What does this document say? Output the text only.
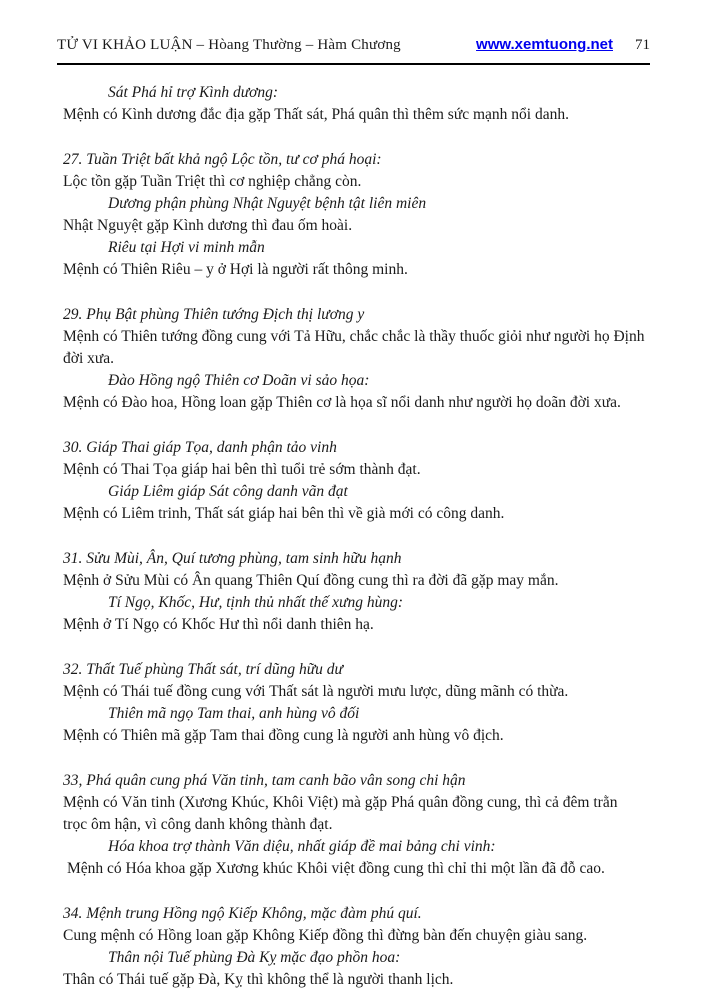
TỬ VI KHẢO LUẬN – Hòang Thường – Hàm Chương	www.xemtuong.net 71
Sát Phá hỉ trợ Kình dương:
Mệnh có Kình dương đắc địa gặp Thất sát, Phá quân thì thêm sức mạnh nổi danh.
27. Tuần Triệt bất khả ngộ Lộc tồn, tư cơ phá hoại:
Lộc tồn gặp Tuần Triệt thì cơ nghiệp chẳng còn.
Dương phận phùng Nhật Nguyệt bệnh tật liên miên
Nhật Nguyệt gặp Kình dương thì đau ốm hoài.
Riêu tại Hợi vi minh mẫn
Mệnh có Thiên Riêu – y ở Hợi là người rất thông minh.
29. Phụ Bật phùng Thiên tướng Địch thị lương y
Mệnh có Thiên tướng đồng cung với Tả Hữu, chắc chắc là thầy thuốc giỏi như người họ Định đời xưa.
Đào Hồng ngộ Thiên cơ Doãn vi sảo họa:
Mệnh có Đào hoa, Hồng loan gặp Thiên cơ là họa sĩ nổi danh như người họ doãn đời xưa.
30. Giáp Thai giáp Tọa, danh phận tảo vinh
Mệnh có Thai Tọa giáp hai bên thì tuổi trẻ sớm thành đạt.
Giáp Liêm giáp Sát công danh vãn đạt
Mệnh có Liêm trinh, Thất sát giáp hai bên thì về già mới có công danh.
31. Sửu Mùi, Ân, Quí tương phùng, tam sinh hữu hạnh
Mệnh ở Sửu Mùi có Ân quang Thiên Quí đồng cung thì ra đời đã gặp may mắn.
Tí Ngọ, Khốc, Hư, tịnh thủ nhất thế xưng hùng:
Mệnh ở Tí Ngọ có Khốc Hư thì nổi danh thiên hạ.
32. Thất Tuế phùng Thất sát, trí dũng hữu dư
Mệnh có Thái tuế đồng cung với Thất sát là người mưu lược, dũng mãnh có thừa.
Thiên mã ngọ Tam thai, anh hùng vô đối
Mệnh có Thiên mã gặp Tam thai đồng cung là người anh hùng vô địch.
33, Phá quân cung phá Văn tinh, tam canh bão vân song chi hận
Mệnh có Văn tinh (Xương Khúc, Khôi Việt) mà gặp Phá quân đồng cung, thì cả đêm trằn trọc ôm hận, vì công danh không thành đạt.
Hóa khoa trợ thành Văn diệu, nhất giáp đề mai bảng chi vinh:
Mệnh có Hóa khoa gặp Xương khúc Khôi việt đồng cung thì chỉ thi một lần đã đỗ cao.
34. Mệnh trung Hồng ngộ Kiếp Không, mặc đàm phú quí.
Cung mệnh có Hồng loan gặp Không Kiếp đồng thì đừng bàn đến chuyện giàu sang.
Thân nội Tuế phùng Đà Kỵ mặc đạo phồn hoa:
Thân có Thái tuế gặp Đà, Kỵ thì không thể là người thanh lịch.
